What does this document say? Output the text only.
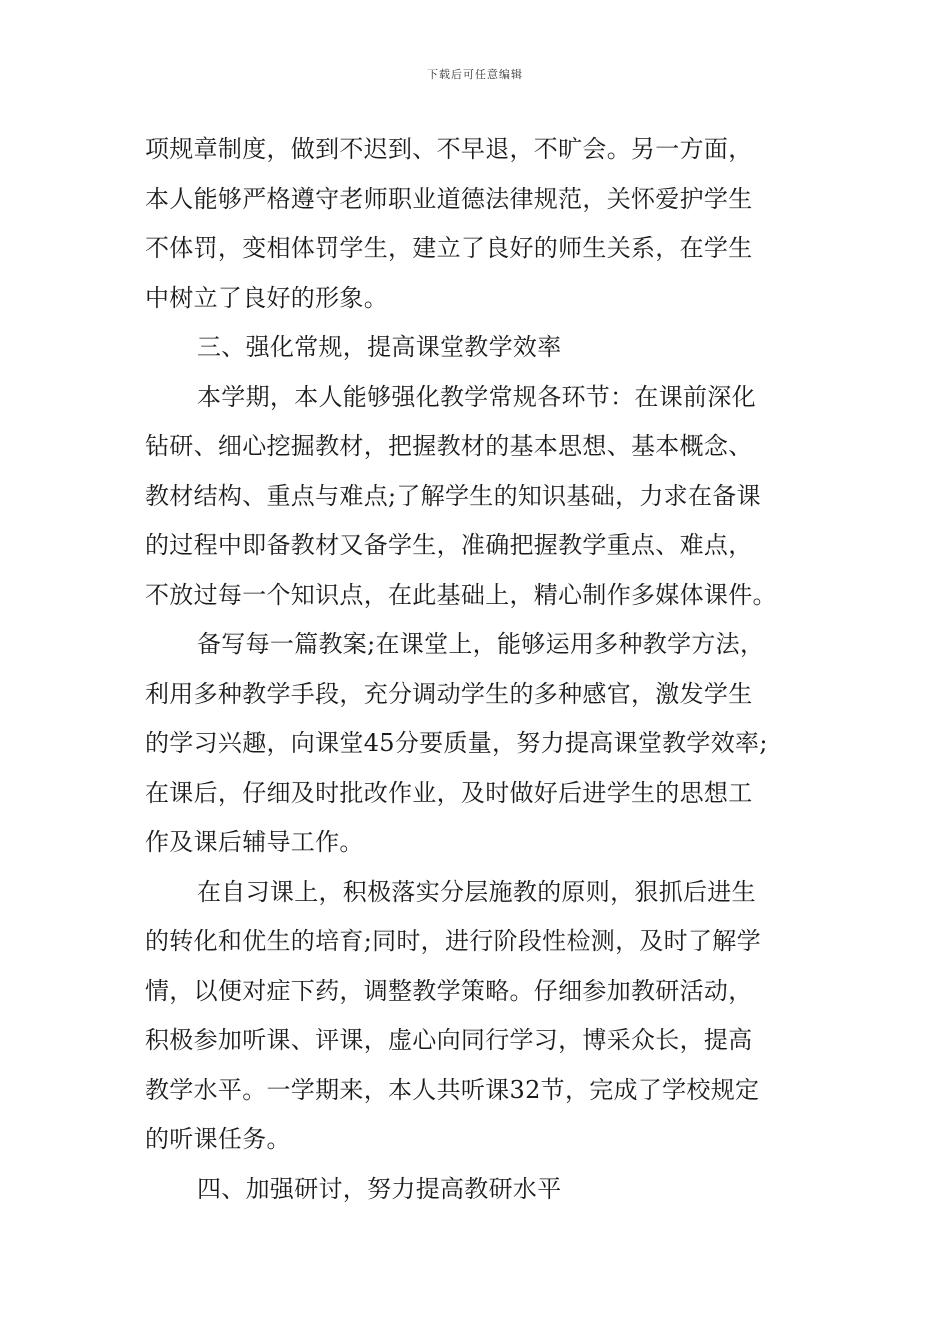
下载后可任意编辑
项规章制度，做到不迟到、不早退，不旷会。另一方面，
本人能够严格遵守老师职业道德法律规范，关怀爱护学生
不体罚，变相体罚学生，建立了良好的师生关系，在学生
中树立了良好的形象。
三、强化常规，提高课堂教学效率
本学期，本人能够强化教学常规各环节：在课前深化
钻研、细心挖掘教材，把握教材的基本思想、基本概念、
教材结构、重点与难点;了解学生的知识基础，力求在备课
的过程中即备教材又备学生，准确把握教学重点、难点，
不放过每一个知识点，在此基础上，精心制作多媒体课件。
备写每一篇教案;在课堂上，能够运用多种教学方法，
利用多种教学手段，充分调动学生的多种感官，激发学生
的学习兴趣，向课堂45分要质量，努力提高课堂教学效率;
在课后，仔细及时批改作业，及时做好后进学生的思想工
作及课后辅导工作。
在自习课上，积极落实分层施教的原则，狠抓后进生
的转化和优生的培育;同时，进行阶段性检测，及时了解学
情，以便对症下药，调整教学策略。仔细参加教研活动，
积极参加听课、评课，虚心向同行学习，博采众长，提高
教学水平。一学期来，本人共听课32节，完成了学校规定
的听课任务。
四、加强研讨，努力提高教研水平
